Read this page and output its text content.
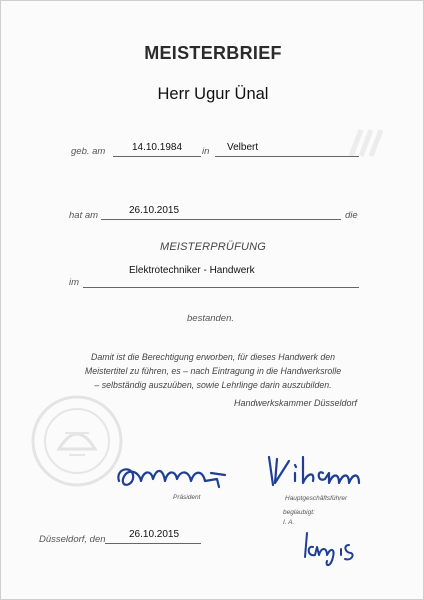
MEISTERBRIEF
Herr Ugur Ünal
geb. am	14.10.1984	in Velbert
hat am	26.10.2015	die
MEISTERPRÜFUNG
im
Elektrotechniker - Handwerk
bestanden.
Damit ist die Berechtigung erworben, für dieses Handwerk den
Meistertitel zu führen, es – nach Eintragung in die Handwerksrolle
– selbständig auszuüben, sowie Lehrlinge darin auszubilden.
Handwerkskammer Düsseldorf
Präsident	Hauptgeschäftsführer
beglaubigt:
I. A.
Düsseldorf, den 26.10.2015
